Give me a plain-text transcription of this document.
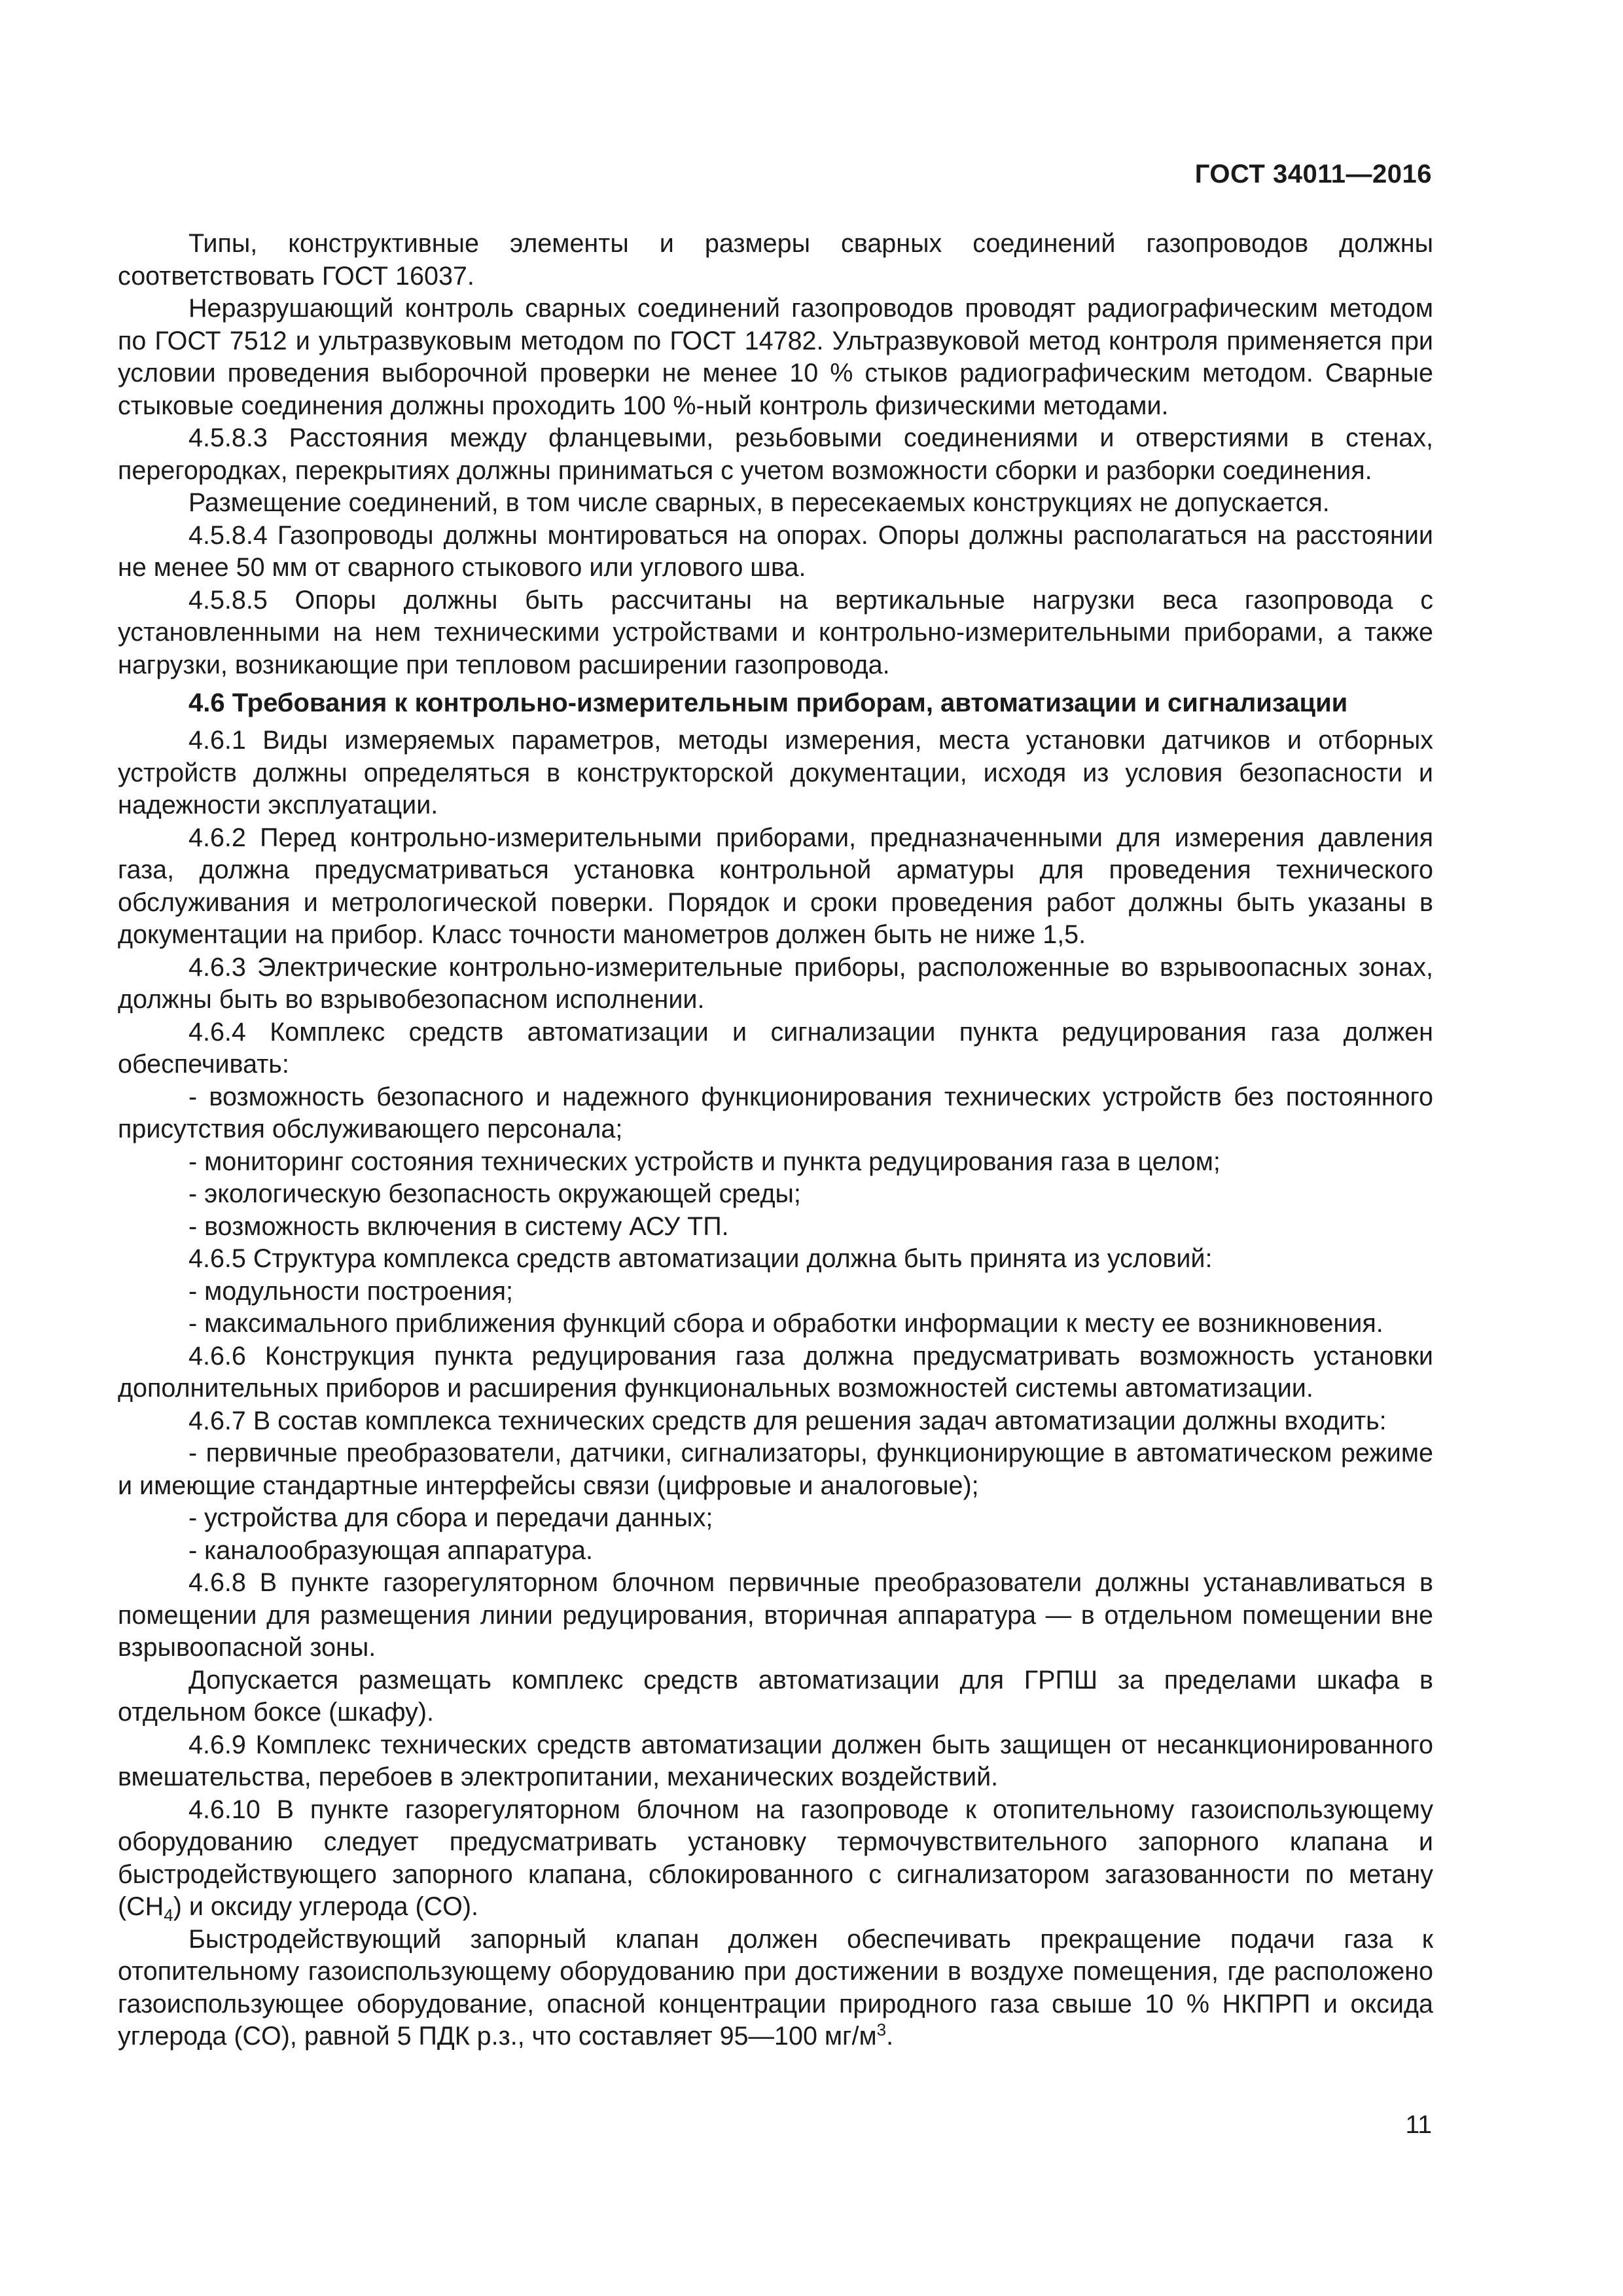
ГОСТ 34011—2016

Типы, конструктивные элементы и размеры сварных соединений газопроводов должны соответствовать ГОСТ 16037.

Неразрушающий контроль сварных соединений газопроводов проводят радиографическим методом по ГОСТ 7512 и ультразвуковым методом по ГОСТ 14782. Ультразвуковой метод контроля применяется при условии проведения выборочной проверки не менее 10 % стыков радиографическим методом. Сварные стыковые соединения должны проходить 100 %-ный контроль физическими методами.

4.5.8.3 Расстояния между фланцевыми, резьбовыми соединениями и отверстиями в стенах, перегородках, перекрытиях должны приниматься с учетом возможности сборки и разборки соединения.

Размещение соединений, в том числе сварных, в пересекаемых конструкциях не допускается.

4.5.8.4 Газопроводы должны монтироваться на опорах. Опоры должны располагаться на расстоянии не менее 50 мм от сварного стыкового или углового шва.

4.5.8.5 Опоры должны быть рассчитаны на вертикальные нагрузки веса газопровода с установленными на нем техническими устройствами и контрольно-измерительными приборами, а также нагрузки, возникающие при тепловом расширении газопровода.

4.6 Требования к контрольно-измерительным приборам, автоматизации и сигнализации

4.6.1 Виды измеряемых параметров, методы измерения, места установки датчиков и отборных устройств должны определяться в конструкторской документации, исходя из условия безопасности и надежности эксплуатации.

4.6.2 Перед контрольно-измерительными приборами, предназначенными для измерения давления газа, должна предусматриваться установка контрольной арматуры для проведения технического обслуживания и метрологической поверки. Порядок и сроки проведения работ должны быть указаны в документации на прибор. Класс точности манометров должен быть не ниже 1,5.

4.6.3 Электрические контрольно-измерительные приборы, расположенные во взрывоопасных зонах, должны быть во взрывобезопасном исполнении.

4.6.4 Комплекс средств автоматизации и сигнализации пункта редуцирования газа должен обеспечивать:

- возможность безопасного и надежного функционирования технических устройств без постоянного присутствия обслуживающего персонала;

- мониторинг состояния технических устройств и пункта редуцирования газа в целом;

- экологическую безопасность окружающей среды;

- возможность включения в систему АСУ ТП.

4.6.5 Структура комплекса средств автоматизации должна быть принята из условий:

- модульности построения;

- максимального приближения функций сбора и обработки информации к месту ее возникновения.

4.6.6 Конструкция пункта редуцирования газа должна предусматривать возможность установки дополнительных приборов и расширения функциональных возможностей системы автоматизации.

4.6.7 В состав комплекса технических средств для решения задач автоматизации должны входить:

- первичные преобразователи, датчики, сигнализаторы, функционирующие в автоматическом режиме и имеющие стандартные интерфейсы связи (цифровые и аналоговые);

- устройства для сбора и передачи данных;

- каналообразующая аппаратура.

4.6.8 В пункте газорегуляторном блочном первичные преобразователи должны устанавливаться в помещении для размещения линии редуцирования, вторичная аппаратура — в отдельном помещении вне взрывоопасной зоны.

Допускается размещать комплекс средств автоматизации для ГРПШ за пределами шкафа в отдельном боксе (шкафу).

4.6.9 Комплекс технических средств автоматизации должен быть защищен от несанкционированного вмешательства, перебоев в электропитании, механических воздействий.

4.6.10 В пункте газорегуляторном блочном на газопроводе к отопительному газоиспользующему оборудованию следует предусматривать установку термочувствительного запорного клапана и быстродействующего запорного клапана, сблокированного с сигнализатором загазованности по метану $(CH_4)$ и оксиду углерода (CO).

Быстродействующий запорный клапан должен обеспечивать прекращение подачи газа к отопительному газоиспользующему оборудованию при достижении в воздухе помещения, где расположено газоиспользующее оборудование, опасной концентрации природного газа свыше 10 % НКПРП и оксида углерода (CO), равной 5 ПДК р.з., что составляет 95—100 $мг/м^3$.

11
